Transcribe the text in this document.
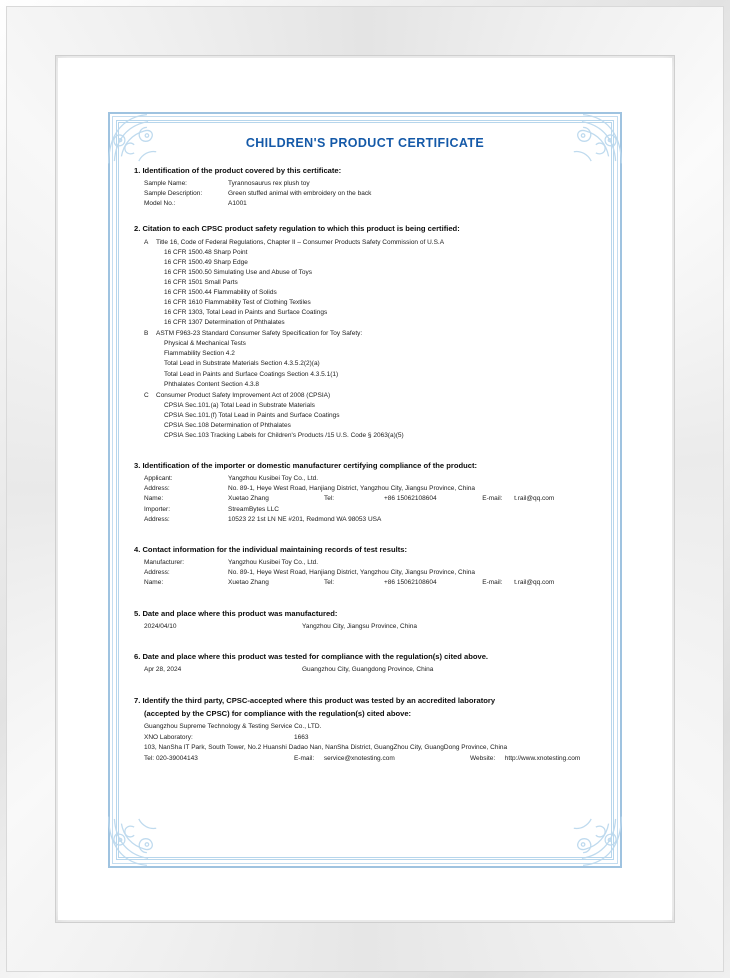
CHILDREN'S PRODUCT CERTIFICATE
1. Identification of the product covered by this certificate:
Sample Name:	Tyrannosaurus rex plush toy
Sample Description:	Green stuffed animal with embroidery on the back
Model No.:	A1001
2. Citation to each CPSC product safety regulation to which this product is being certified:
A	Title 16, Code of Federal Regulations, Chapter II – Consumer Products Safety Commission of U.S.A
16 CFR 1500.48 Sharp Point
16 CFR 1500.49 Sharp Edge
16 CFR 1500.50 Simulating Use and Abuse of Toys
16 CFR 1501 Small Parts
16 CFR 1500.44 Flammability of Solids
16 CFR 1610 Flammability Test of Clothing Textiles
16 CFR 1303, Total Lead in Paints and Surface Coatings
16 CFR 1307 Determination of Phthalates
B	ASTM F963-23 Standard Consumer Safety Specification for Toy Safety:
Physical & Mechanical Tests
Flammability Section 4.2
Total Lead in Substrate Materials Section 4.3.5.2(2)(a)
Total Lead in Paints and Surface Coatings Section 4.3.5.1(1)
Phthalates Content Section 4.3.8
C	Consumer Product Safety Improvement Act of 2008 (CPSIA)
CPSIA Sec.101.(a) Total Lead in Substrate Materials
CPSIA Sec.101.(f) Total Lead in Paints and Surface Coatings
CPSIA Sec.108 Determination of Phthalates
CPSIA Sec.103 Tracking Labels for Children's Products /15 U.S. Code § 2063(a)(5)
3. Identification of the importer or domestic manufacturer certifying compliance of the product:
Applicant:	Yangzhou Kusibei Toy Co., Ltd.
Address:	No. 89-1, Heye West Road, Hanjiang District, Yangzhou City, Jiangsu Province, China
Name:	Xuetao Zhang	Tel:	+86 15062108604	E-mail: t.rail@qq.com
Importer:	StreamBytes LLC
Address:	10523 22 1st LN NE #201, Redmond WA 98053 USA
4. Contact information for the individual maintaining records of test results:
Manufacturer:	Yangzhou Kusibei Toy Co., Ltd.
Address:	No. 89-1, Heye West Road, Hanjiang District, Yangzhou City, Jiangsu Province, China
Name:	Xuetao Zhang	Tel:	+86 15062108604	E-mail: t.rail@qq.com
5. Date and place where this product was manufactured:
2024/04/10	Yangzhou City, Jiangsu Province, China
6. Date and place where this product was tested for compliance with the regulation(s) cited above.
Apr 28, 2024	Guangzhou City, Guangdong Province, China
7. Identify the third party, CPSC-accepted where this product was tested by an accredited laboratory
(accepted by the CPSC) for compliance with the regulation(s) cited above:
Guangzhou Supreme Technology & Testing Service Co., LTD.
XNO Laboratory:	1663
103, NanSha IT Park, South Tower, No.2 Huanshi Dadao Nan, NanSha District, GuangZhou City, GuangDong Province, China
Tel: 020-39004143	E-mail: service@xnotesting.com	Website: http://www.xnotesting.com
